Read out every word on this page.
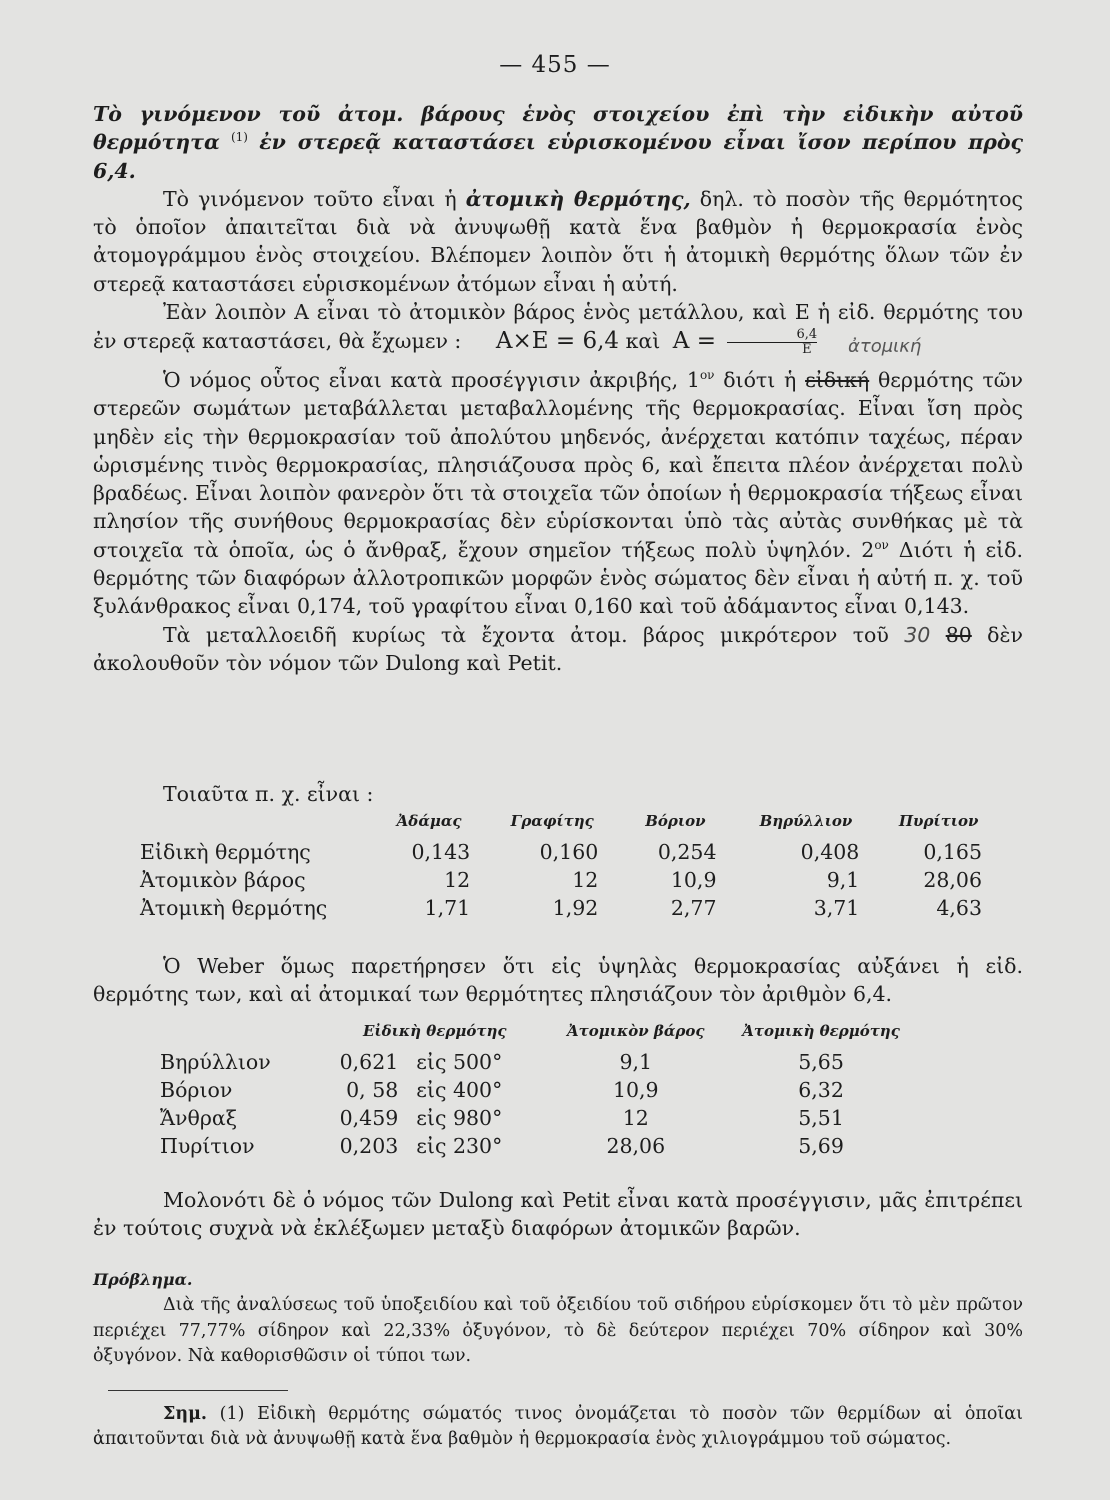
— 455 —

Τὸ γινόμενον τοῦ ἀτομ. βάρους ἑνὸς στοιχείου ἐπὶ τὴν εἰδικὴν αὐτοῦ θερμότητα $^{(1)}$ ἐν στερεᾷ καταστάσει εὑρισκομένου εἶναι ἴσον περίπου πρὸς 6,4.

Τὸ γινόμενον τοῦτο εἶναι ἡ ἀτομικὴ θερμότης, δηλ. τὸ ποσὸν τῆς θερμότητος τὸ ὁποῖον ἀπαιτεῖται διὰ νὰ ἀνυψωθῇ κατὰ ἕνα βαθμὸν ἡ θερμοκρασία ἑνὸς ἀτομογράμμου ἑνὸς στοιχείου. Βλέπομεν λοιπὸν ὅτι ἡ ἀτομικὴ θερμότης ὅλων τῶν ἐν στερεᾷ καταστάσει εὑρισκομένων ἀτόμων εἶναι ἡ αὐτή.

Ἐὰν λοιπὸν Α εἶναι τὸ ἀτομικὸν βάρος ἑνὸς μετάλλου, καὶ Ε ἡ εἰδ. θερμότης του ἐν στερεᾷ καταστάσει, θὰ ἔχωμεν : Α×Ε = 6,4 καὶ $A = \frac{6,4}{E}$ ἀτομική

Ὁ νόμος οὗτος εἶναι κατὰ προσέγγισιν ἀκριβής, $1^{o\nu}$ διότι ἡ εἰδική θερμότης τῶν στερεῶν σωμάτων μεταβάλλεται μεταβαλλομένης τῆς θερμοκρασίας. Εἶναι ἴση πρὸς μηδὲν εἰς τὴν θερμοκρασίαν τοῦ ἀπολύτου μηδενός, ἀνέρχεται κατόπιν ταχέως, πέραν ὡρισμένης τινὸς θερμοκρασίας, πλησιάζουσα πρὸς 6, καὶ ἔπειτα πλέον ἀνέρχεται πολὺ βραδέως. Εἶναι λοιπὸν φανερὸν ὅτι τὰ στοιχεῖα τῶν ὁποίων ἡ θερμοκρασία τήξεως εἶναι πλησίον τῆς συνήθους θερμοκρασίας δὲν εὑρίσκονται ὑπὸ τὰς αὐτὰς συνθήκας μὲ τὰ στοιχεῖα τὰ ὁποῖα, ὡς ὁ ἄνθραξ, ἔχουν σημεῖον τήξεως πολὺ ὑψηλόν. $2^{o\nu}$ Διότι ἡ εἰδ. θερμότης τῶν διαφόρων ἀλλοτροπικῶν μορφῶν ἑνὸς σώματος δὲν εἶναι ἡ αὐτή π. χ. τοῦ ξυλάνθρακος εἶναι 0,174, τοῦ γραφίτου εἶναι 0,160 καὶ τοῦ ἀδάμαντος εἶναι 0,143.

Τὰ μεταλλοειδῆ κυρίως τὰ ἔχοντα ἀτομ. βάρος μικρότερον τοῦ 30 80 δὲν ἀκολουθοῦν τὸν νόμον τῶν Dulong καὶ Petit.

Τοιαῦτα π. χ. εἶναι :

	Ἀδάμας	Γραφίτης	Βόριον	Βηρύλλιον	Πυρίτιον
Εἰδικὴ θερμότης	0,143	0,160	0,254	0,408	0,165
Ἀτομικὸν βάρος	12	12	10,9	9,1	28,06
Ἀτομικὴ θερμότης	1,71	1,92	2,77	3,71	4,63

Ὁ Weber ὅμως παρετήρησεν ὅτι εἰς ὑψηλὰς θερμοκρασίας αὐξάνει ἡ εἰδ. θερμότης των, καὶ αἱ ἀτομικαί των θερμότητες πλησιάζουν τὸν ἀριθμὸν 6,4.

	Εἰδικὴ θερμότης		Ἀτομικὸν βάρος	Ἀτομικὴ θερμότης
Βηρύλλιον	0,621	εἰς 500°	9,1	5,65
Βόριον	0, 58	εἰς 400°	10,9	6,32
Ἄνθραξ	0,459	εἰς 980°	12	5,51
Πυρίτιον	0,203	εἰς 230°	28,06	5,69

Μολονότι δὲ ὁ νόμος τῶν Dulong καὶ Petit εἶναι κατὰ προσέγγισιν, μᾶς ἐπιτρέπει ἐν τούτοις συχνὰ νὰ ἐκλέξωμεν μεταξὺ διαφόρων ἀτομικῶν βαρῶν.

Πρόβλημα.

Διὰ τῆς ἀναλύσεως τοῦ ὑποξειδίου καὶ τοῦ ὀξειδίου τοῦ σιδήρου εὑρίσκομεν ὅτι τὸ μὲν πρῶτον περιέχει 77,77% σίδηρον καὶ 22,33% ὀξυγόνον, τὸ δὲ δεύτερον περιέχει 70% σίδηρον καὶ 30% ὀξυγόνον. Νὰ καθορισθῶσιν οἱ τύποι των.

Σημ. (1) Εἰδικὴ θερμότης σώματός τινος ὀνομάζεται τὸ ποσὸν τῶν θερμίδων αἱ ὁποῖαι ἀπαιτοῦνται διὰ νὰ ἀνυψωθῇ κατὰ ἕνα βαθμὸν ἡ θερμοκρασία ἑνὸς χιλιογράμμου τοῦ σώματος.
